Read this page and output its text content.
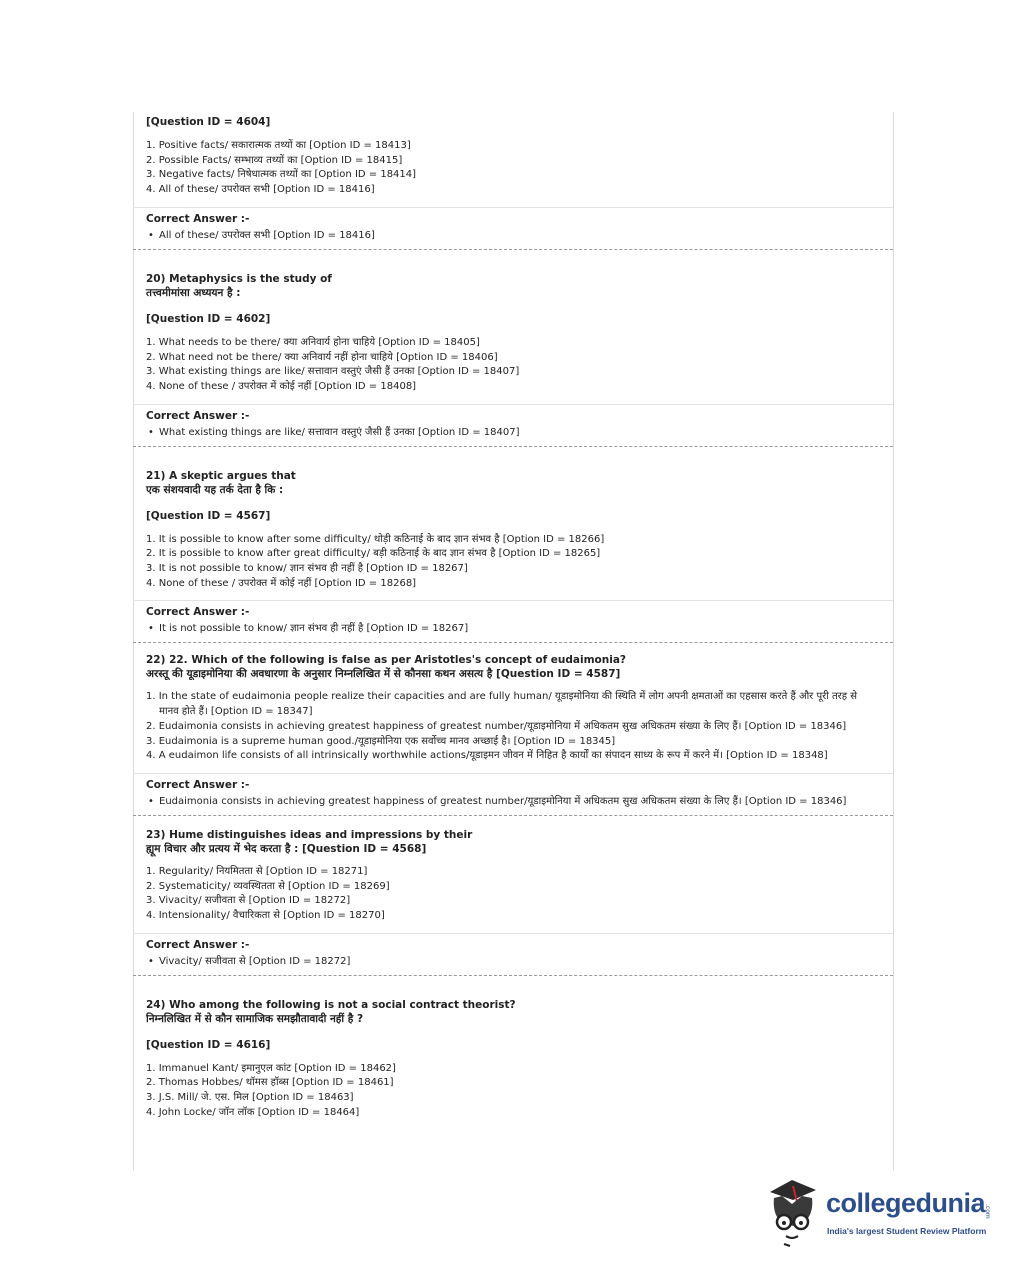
[Question ID = 4604]

1. Positive facts/ सकारात्मक तथ्यों का [Option ID = 18413]
2. Possible Facts/ सम्भाव्य तथ्यों का [Option ID = 18415]
3. Negative facts/ निषेधात्मक तथ्यों का [Option ID = 18414]
4. All of these/ उपरोक्त सभी [Option ID = 18416]

Correct Answer :-

• All of these/ उपरोक्त सभी [Option ID = 18416]

20) Metaphysics is the study of

तत्त्वमीमांसा अध्ययन है :

[Question ID = 4602]

1. What needs to be there/ क्या अनिवार्य होना चाहिये [Option ID = 18405]
2. What need not be there/ क्या अनिवार्य नहीं होना चाहिये [Option ID = 18406]
3. What existing things are like/ सत्तावान वस्तुएं जैसी हैं उनका [Option ID = 18407]
4. None of these / उपरोक्त में कोई नहीं [Option ID = 18408]

Correct Answer :-

• What existing things are like/ सत्तावान वस्तुएं जैसी हैं उनका [Option ID = 18407]

21) A skeptic argues that

एक संशयवादी यह तर्क देता है कि :

[Question ID = 4567]

1. It is possible to know after some difficulty/ थोड़ी कठिनाई के बाद ज्ञान संभव है [Option ID = 18266]
2. It is possible to know after great difficulty/ बड़ी कठिनाई के बाद ज्ञान संभव है [Option ID = 18265]
3. It is not possible to know/ ज्ञान संभव ही नहीं है [Option ID = 18267]
4. None of these / उपरोक्त में कोई नहीं [Option ID = 18268]

Correct Answer :-

• It is not possible to know/ ज्ञान संभव ही नहीं है [Option ID = 18267]

22) 22. Which of the following is false as per Aristotles's concept of eudaimonia?

अरस्तू की यूडाइमोनिया की अवधारणा के अनुसार निम्नलिखित में से कौनसा कथन असत्य है [Question ID = 4587]

1. In the state of eudaimonia people realize their capacities and are fully human/ यूडाइमोनिया की स्थिति में लोग अपनी क्षमताओं का एहसास करते हैं और पूरी तरह से
मानव होते हैं। [Option ID = 18347]
2. Eudaimonia consists in achieving greatest happiness of greatest number/यूडाइमोनिया में अधिकतम सुख अधिकतम संख्या के लिए हैं। [Option ID = 18346]
3. Eudaimonia is a supreme human good./यूडाइमोनिया एक सर्वोच्च मानव अच्छाई है। [Option ID = 18345]
4. A eudaimon life consists of all intrinsically worthwhile actions/यूडाइमन जीवन में निहित है कार्यों का संपादन साध्य के रूप में करने में। [Option ID = 18348]

Correct Answer :-

• Eudaimonia consists in achieving greatest happiness of greatest number/यूडाइमोनिया में अधिकतम सुख अधिकतम संख्या के लिए हैं। [Option ID = 18346]

23) Hume distinguishes ideas and impressions by their

ह्यूम विचार और प्रत्यय में भेद करता है : [Question ID = 4568]

1. Regularity/ नियमितता से [Option ID = 18271]
2. Systematicity/ व्यवस्थितता से [Option ID = 18269]
3. Vivacity/ सजीवता से [Option ID = 18272]
4. Intensionality/ वैचारिकता से [Option ID = 18270]

Correct Answer :-

• Vivacity/ सजीवता से [Option ID = 18272]

24) Who among the following is not a social contract theorist?

निम्नलिखित में से कौन सामाजिक समझौतावादी नहीं है ?

[Question ID = 4616]

1. Immanuel Kant/ इमानुएल कांट [Option ID = 18462]
2. Thomas Hobbes/ थॉमस हॉब्स [Option ID = 18461]
3. J.S. Mill/ जे. एस. मिल [Option ID = 18463]
4. John Locke/ जॉन लॉक [Option ID = 18464]
collegedunia
.com
India's largest Student Review Platform
